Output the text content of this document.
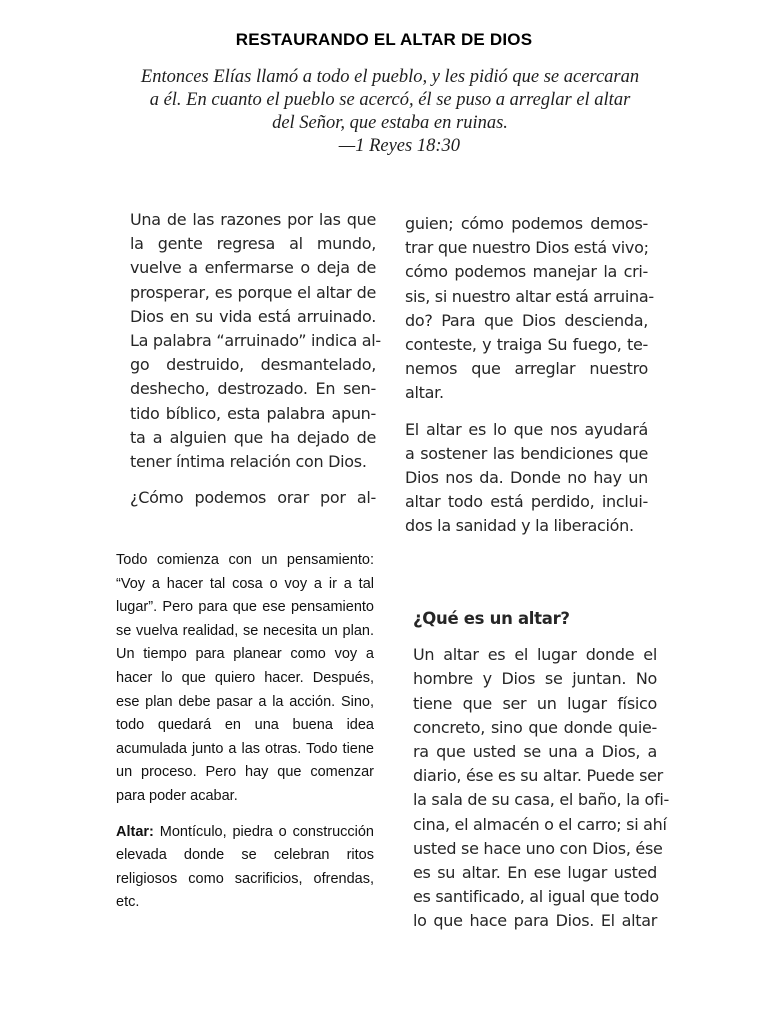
RESTAURANDO EL ALTAR DE DIOS
Entonces Elías llamó a todo el pueblo, y les pidió que se acercaran
a él. En cuanto el pueblo se acercó, él se puso a arreglar el altar
del Señor, que estaba en ruinas.
—1 Reyes 18:30

Una de las razones por las que
la gente regresa al mundo,
vuelve a enfermarse o deja de
prosperar, es porque el altar de
Dios en su vida está arruinado.
La palabra “arruinado” indica al-
go destruido, desmantelado,
deshecho, destrozado. En sen-
tido bíblico, esta palabra apun-
ta a alguien que ha dejado de
tener íntima relación con Dios.

¿Cómo podemos orar por al-

guien; cómo podemos demos-
trar que nuestro Dios está vivo;
cómo podemos manejar la cri-
sis, si nuestro altar está arruina-
do? Para que Dios descienda,
conteste, y traiga Su fuego, te-
nemos que arreglar nuestro
altar.

El altar es lo que nos ayudará
a sostener las bendiciones que
Dios nos da. Donde no hay un
altar todo está perdido, inclui-
dos la sanidad y la liberación.

Todo comienza con un pensamiento: “Voy a hacer tal cosa o voy a ir a tal lugar”. Pero para que ese pensamiento se vuelva realidad, se necesita un plan. Un tiempo para planear como voy a hacer lo que quiero hacer. Después, ese plan debe pasar a la acción. Sino, todo quedará en una buena idea acumulada junto a las otras. Todo tiene un proceso. Pero hay que comenzar para poder acabar.

Altar: Montículo, piedra o construcción elevada donde se celebran ritos religiosos como sacrificios, ofrendas, etc.

¿Qué es un altar?
Un altar es el lugar donde el
hombre y Dios se juntan. No
tiene que ser un lugar físico
concreto, sino que donde quie-
ra que usted se una a Dios, a
diario, ése es su altar. Puede ser
la sala de su casa, el baño, la ofi-
cina, el almacén o el carro; si ahí
usted se hace uno con Dios, ése
es su altar. En ese lugar usted
es santificado, al igual que todo
lo que hace para Dios. El altar
